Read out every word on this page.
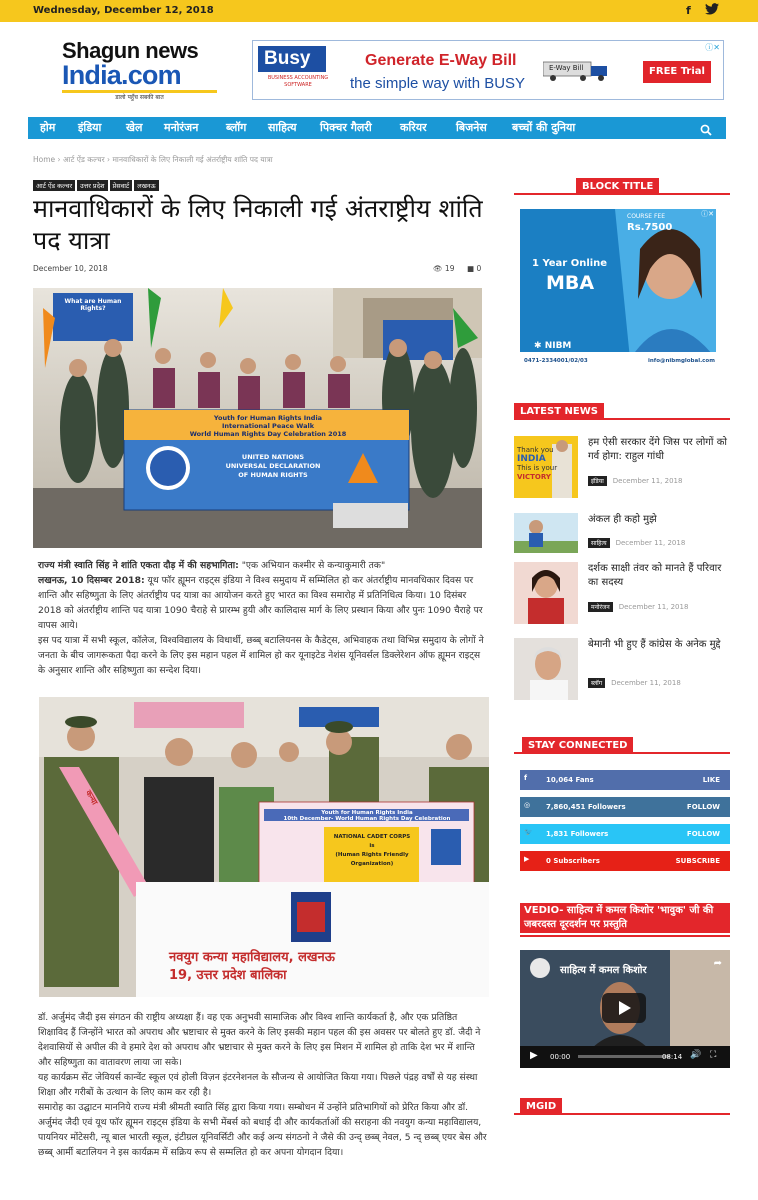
Wednesday, December 12, 2018	f
Shagun news
India.com
डालो पहुँच सबकी बात
Busy
BUSINESS ACCOUNTING SOFTWARE
Generate E-Way Bill
the simple way with BUSY
E-Way Bill	FREE Trial
ⓘ✕
होम इंडिया खेल मनोरंजन	ब्लॉग साहित्य पिक्चर गैलरी	करियर	बिजनेस बच्चों की दुनिया
Home › आर्ट ऐंड कल्चर › मानवाधिकारों के लिए निकाली गई अंतर्राष्ट्रीय शांति पद यात्रा
आर्ट ऐंड कल्चर उत्तर प्रदेश प्रेसवार्ट लखनऊ
मानवाधिकारों के लिए निकाली गई अंतराष्ट्रीय शांति पद यात्रा
December 10, 2018	👁 19 ■ 0
What are Human Rights?
Youth for Human Rights India
International Peace Walk
World Human Rights Day Celebration 2018
UNITED NATIONS
UNIVERSAL DECLARATION
OF HUMAN RIGHTS

राज्य मंत्री स्वाति सिंह ने शांति एकता दौड़ में की सहभागिता: "एक अभियान कश्मीर से कन्याकुमारी तक"

लखनऊ, 10 दिसम्बर 2018: यूथ फॉर ह्यूमन राइट्स इंडिया ने विश्व समुदाय में सम्मिलित हो कर अंतर्राष्ट्रीय मानवधिकार दिवस पर शान्ति और सहिष्णुता के लिए अंतर्राष्ट्रीय पद यात्रा का आयोजन करते हुए भारत का विश्व समारोह में प्रतिनिधित्व किया। 10 दिसंबर 2018 को अंतर्राष्ट्रीय शान्ति पद यात्रा 1090 चैराहे से प्रारम्भ हुयी और कालिदास मार्ग के लिए प्रस्थान किया और पुनः 1090 चैराहे पर वापस आये।

इस पद यात्रा में सभी स्कूल, कॉलेज, विश्वविद्यालय के विधार्थी, छब्ब् बटालियनस के कैडेट्स, अभिवाहक तथा विभिन्न समुदाय के लोगों ने जनता के बीच जागरूकता पैदा करने के लिए इस महान पहल में शामिल हो कर यूनाइटेड नेशंस यूनिवर्सल डिक्लेरेशन ऑफ ह्यूमन राइट्स के अनुसार शान्ति और सहिष्णुता का सन्देश दिया।

Youth for Human Rights India
10th December- World Human Rights Day Celebration
NATIONAL CADET CORPS
is
(Human Rights Friendly Organization)
नवयुग कन्या महाविद्यालय, लखनऊ
19, उत्तर प्रदेश बालिका
कन्या

डॉ. अर्जुमंद जैदी इस संगठन की राष्ट्रीय अध्यक्षा हैं। वह एक अनुभवी सामाजिक और विश्व शान्ति कार्यकर्ता है, और एक प्रतिष्ठित शिक्षाविद हैं जिन्होंने भारत को अपराध और भ्रष्टाचार से मुक्त करने के लिए इसकी महान पहल की इस अवसर पर बोलते हुए डॉ. जैदी ने देशवासियों से अपील की वे हमारे देश को अपराध और भ्रष्टाचार से मुक्त करने के लिए इस मिशन में शामिल हो ताकि देश भर में शान्ति और सहिष्णुता का वातावरण लाया जा सके।

यह कार्यक्रम सेंट जेवियर्स कान्वेंट स्कूल एवं होली विज़न इंटरनेशनल के सौजन्य से आयोजित किया गया। पिछले पंद्रह वर्षों से यह संस्था शिक्षा और गरीबों के उत्थान के लिए काम कर रही है।

समारोह का उद्घाटन माननिये राज्य मंत्री श्रीमती स्वाति सिंह द्वारा किया गया। सम्बोधन में उन्होंने प्रतिभागियों को प्रेरित किया और डॉ. अर्जुमंद जैदी एवं यूथ फॉर ह्यूमन राइट्स इंडिया के सभी मेंबर्स को बधाई दी और कार्यकर्ताओं की सराहना की नवयुग कन्या महाविद्यालय, पायनियर मोंटेसरी, न्यू बाल भारती स्कूल, इंटीग्रल यूनिवर्सिटी और कई अन्य संगठनो ने जैसे की उन्द् छब्ब् नेवल, 5 न्द् छब्ब् एयर बेस और छब्ब् आर्मी बटालियन ने इस कार्यक्रम में सक्रिय रूप से सम्मलित हो कर अपना योगदान दिया।

BLOCK TITLE
COURSE FEE
Rs.7500
1 Year Online
MBA
✱ NIBM
0471-2334001/02/03	info@nibmglobal.com
ⓘ✕
LATEST NEWS
Thank you
INDIA
This is your
VICTORY
हम ऐसी सरकार देंगे जिस पर लोगों को गर्व होगा: राहुल गांधी
इंडिया December 11, 2018
अंकल ही कहो मुझे
साहित्य December 11, 2018
दर्शक साक्षी तंवर को मानते हैं परिवार का सदस्य
मनोरंजन December 11, 2018
बेमानी भी हुए हैं कांग्रेस के अनेक मुद्दे
ब्लॉग December 11, 2018
STAY CONNECTED
f	10,064 Fans	LIKE
◎ 7,860,451 Followers	FOLLOW
🐦 1,831 Followers	FOLLOW
▶ 0 Subscribers	SUBSCRIBE
VEDIO- साहित्य में कमल किशोर 'भावुक' जी की जबरदस्त दूरदर्शन पर प्रस्तुति
साहित्य में कमल किशोर
➦
▶ 00:00	08:14 🔊 ⛶
MGID
